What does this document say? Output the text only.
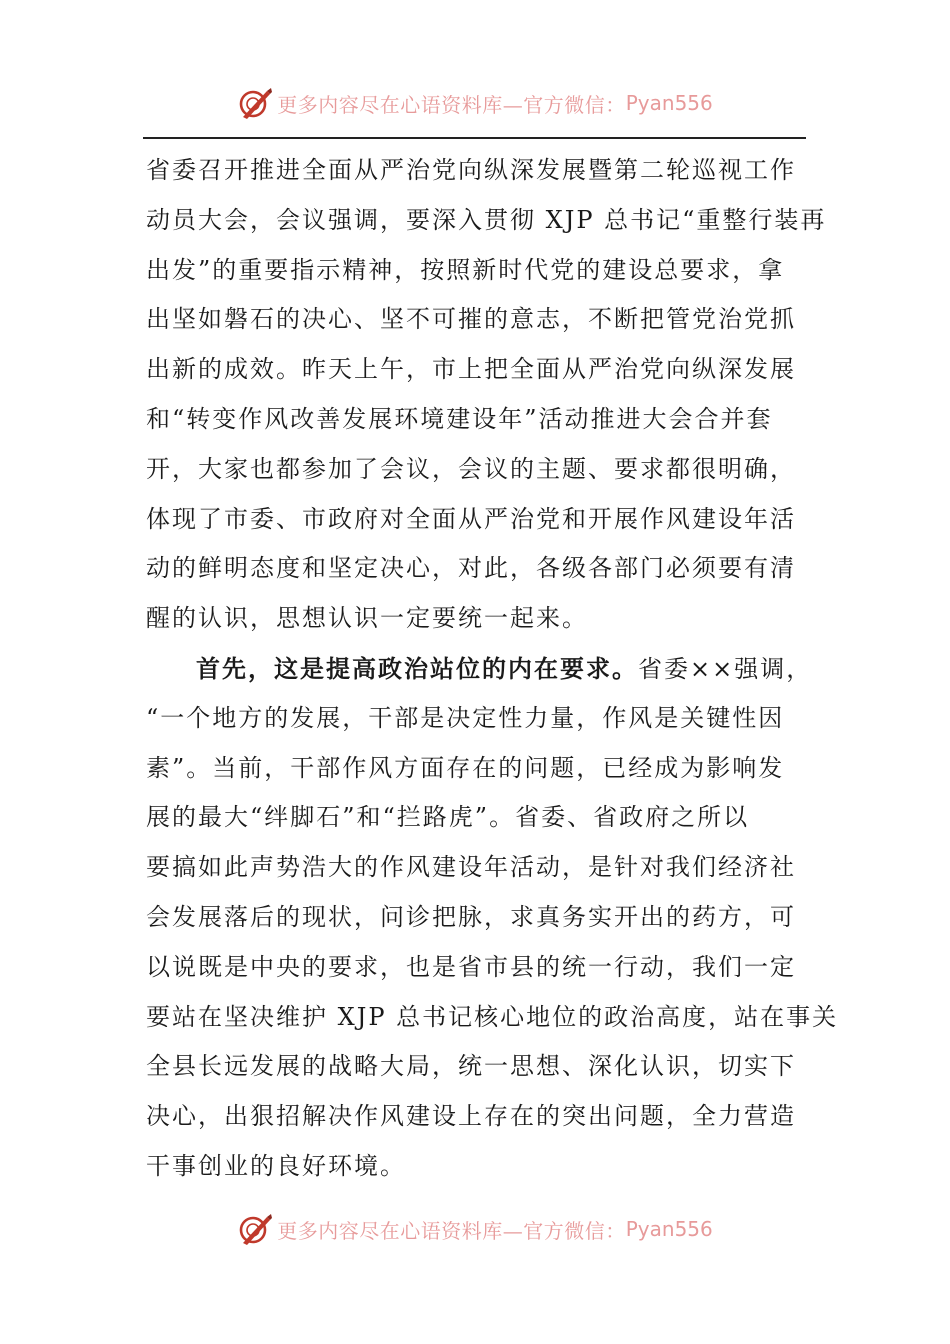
更多内容尽在心语资料库—官方微信： Pyan556
省委召开推进全面从严治党向纵深发展暨第二轮巡视工作
动员大会，会议强调，要深入贯彻 XJP 总书记“重整行装再
出发”的重要指示精神，按照新时代党的建设总要求，拿
出坚如磐石的决心、坚不可摧的意志，不断把管党治党抓
出新的成效。昨天上午，市上把全面从严治党向纵深发展
和“转变作风改善发展环境建设年”活动推进大会合并套
开，大家也都参加了会议，会议的主题、要求都很明确，
体现了市委、市政府对全面从严治党和开展作风建设年活
动的鲜明态度和坚定决心，对此，各级各部门必须要有清
醒的认识，思想认识一定要统一起来。
首先，这是提高政治站位的内在要求。省委××强调，
“一个地方的发展，干部是决定性力量，作风是关键性因
素”。当前，干部作风方面存在的问题，已经成为影响发
展的最大“绊脚石”和“拦路虎”。省委、省政府之所以
要搞如此声势浩大的作风建设年活动，是针对我们经济社
会发展落后的现状，问诊把脉，求真务实开出的药方，可
以说既是中央的要求，也是省市县的统一行动，我们一定
要站在坚决维护 XJP 总书记核心地位的政治高度，站在事关
全县长远发展的战略大局，统一思想、深化认识，切实下
决心，出狠招解决作风建设上存在的突出问题，全力营造
干事创业的良好环境。
更多内容尽在心语资料库—官方微信： Pyan556
